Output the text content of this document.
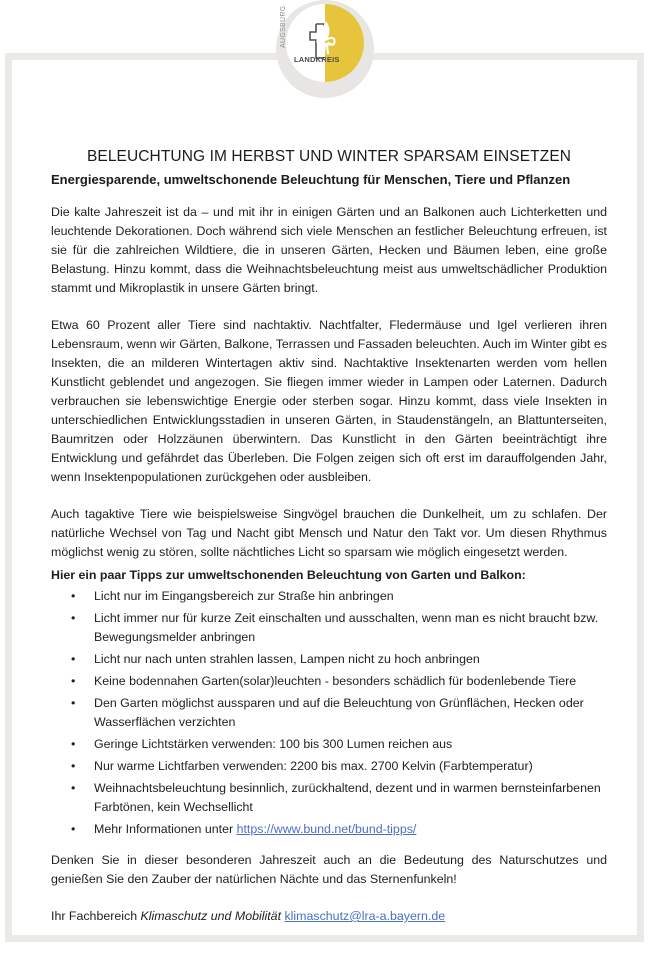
AUGSBURG
LANDKREIS
BELEUCHTUNG IM HERBST UND WINTER SPARSAM EINSETZEN
Energiesparende, umweltschonende Beleuchtung für Menschen, Tiere und Pflanzen

Die kalte Jahreszeit ist da – und mit ihr in einigen Gärten und an Balkonen auch Lichterketten und leuchtende Dekorationen. Doch während sich viele Menschen an festlicher Beleuchtung erfreuen, ist sie für die zahlreichen Wildtiere, die in unseren Gärten, Hecken und Bäumen leben, eine große Belastung. Hinzu kommt, dass die Weihnachtsbeleuchtung meist aus umweltschädlicher Produktion stammt und Mikroplastik in unsere Gärten bringt.

Etwa 60 Prozent aller Tiere sind nachtaktiv. Nachtfalter, Fledermäuse und Igel verlieren ihren Lebensraum, wenn wir Gärten, Balkone, Terrassen und Fassaden beleuchten. Auch im Winter gibt es Insekten, die an milderen Wintertagen aktiv sind. Nachtaktive Insektenarten werden vom hellen Kunstlicht geblendet und angezogen. Sie fliegen immer wieder in Lampen oder Laternen. Dadurch verbrauchen sie lebenswichtige Energie oder sterben sogar. Hinzu kommt, dass viele Insekten in unterschiedlichen Entwicklungsstadien in unseren Gärten, in Staudenstängeln, an Blattunterseiten, Baumritzen oder Holzzäunen überwintern. Das Kunstlicht in den Gärten beeinträchtigt ihre Entwicklung und gefährdet das Überleben. Die Folgen zeigen sich oft erst im darauffolgenden Jahr, wenn Insektenpopulationen zurückgehen oder ausbleiben.

Auch tagaktive Tiere wie beispielsweise Singvögel brauchen die Dunkelheit, um zu schlafen. Der natürliche Wechsel von Tag und Nacht gibt Mensch und Natur den Takt vor. Um diesen Rhythmus möglichst wenig zu stören, sollte nächtliches Licht so sparsam wie möglich eingesetzt werden.

Hier ein paar Tipps zur umweltschonenden Beleuchtung von Garten und Balkon:
• Licht nur im Eingangsbereich zur Straße hin anbringen
• Licht immer nur für kurze Zeit einschalten und ausschalten, wenn man es nicht braucht bzw. Bewegungsmelder anbringen
• Licht nur nach unten strahlen lassen, Lampen nicht zu hoch anbringen
• Keine bodennahen Garten(solar)leuchten - besonders schädlich für bodenlebende Tiere
• Den Garten möglichst aussparen und auf die Beleuchtung von Grünflächen, Hecken oder Wasserflächen verzichten
• Geringe Lichtstärken verwenden: 100 bis 300 Lumen reichen aus
• Nur warme Lichtfarben verwenden: 2200 bis max. 2700 Kelvin (Farbtemperatur)
• Weihnachtsbeleuchtung besinnlich, zurückhaltend, dezent und in warmen bernsteinfarbenen Farbtönen, kein Wechsellicht
• Mehr Informationen unter https://www.bund.net/bund-tipps/

Denken Sie in dieser besonderen Jahreszeit auch an die Bedeutung des Naturschutzes und genießen Sie den Zauber der natürlichen Nächte und das Sternenfunkeln!

Ihr Fachbereich Klimaschutz und Mobilität klimaschutz@lra-a.bayern.de
